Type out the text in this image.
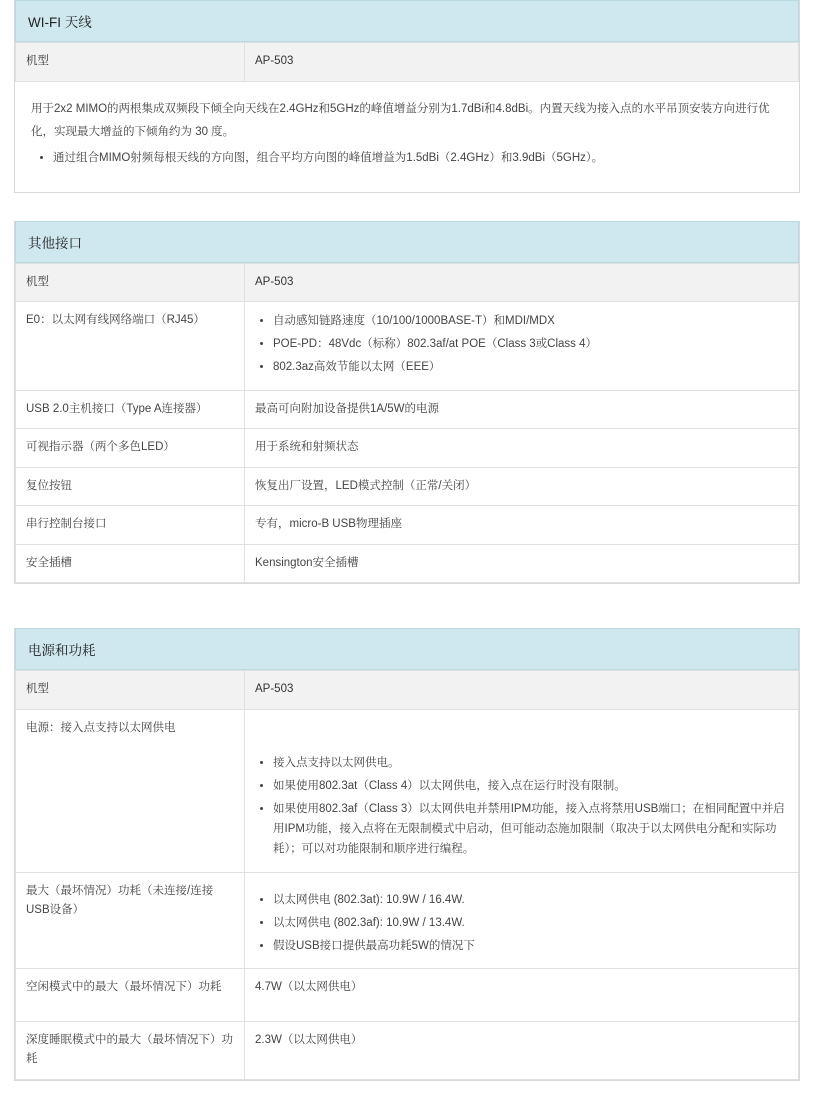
WI-FI 天线
机型	AP-503

用于2x2 MIMO的两根集成双频段下倾全向天线在2.4GHz和5GHz的峰值增益分别为1.7dBi和4.8dBi。内置天线为接入点的水平吊顶安装方向进行优化，实现最大增益的下倾角约为 30 度。

• 通过组合MIMO射频每根天线的方向图，组合平均方向图的峰值增益为1.5dBi（2.4GHz）和3.9dBi（5GHz）。
其他接口
机型	AP-503
E0：以太网有线网络端口（RJ45）	
•自动感知链路速度（10/100/1000BASE-T）和MDI/MDX
• POE-PD：48Vdc（标称）802.3af/at POE（Class 3或Class 4）
• 802.3az高效节能以太网（EEE）

USB 2.0主机接口（Type A连接器）	最高可向附加设备提供1A/5W的电源
可视指示器（两个多色LED）	用于系统和射频状态
复位按钮	恢复出厂设置，LED模式控制（正常/关闭）
串行控制台接口	专有，micro-B USB物理插座
安全插槽	Kensington安全插槽
电源和功耗
机型	AP-503
电源：接入点支持以太网供电	
• 接入点支持以太网供电。
• 如果使用802.3at（Class 4）以太网供电，接入点在运行时没有限制。
• 如果使用802.3af（Class 3）以太网供电并禁用IPM功能，接入点将禁用USB端口；在相同配置中并启用IPM功能，接入点将在无限制模式中启动，但可能动态施加限制（取决于以太网供电分配和实际功耗）；可以对功能限制和顺序进行编程。

最大（最坏情况）功耗（未连接/连接USB设备）	
• 以太网供电 (802.3at): 10.9W / 16.4W.
• 以太网供电 (802.3af): 10.9W / 13.4W.
• 假设USB接口提供最高功耗5W的情况下

空闲模式中的最大（最坏情况下）功耗	4.7W（以太网供电）
深度睡眠模式中的最大（最坏情况下）功耗	2.3W（以太网供电）
